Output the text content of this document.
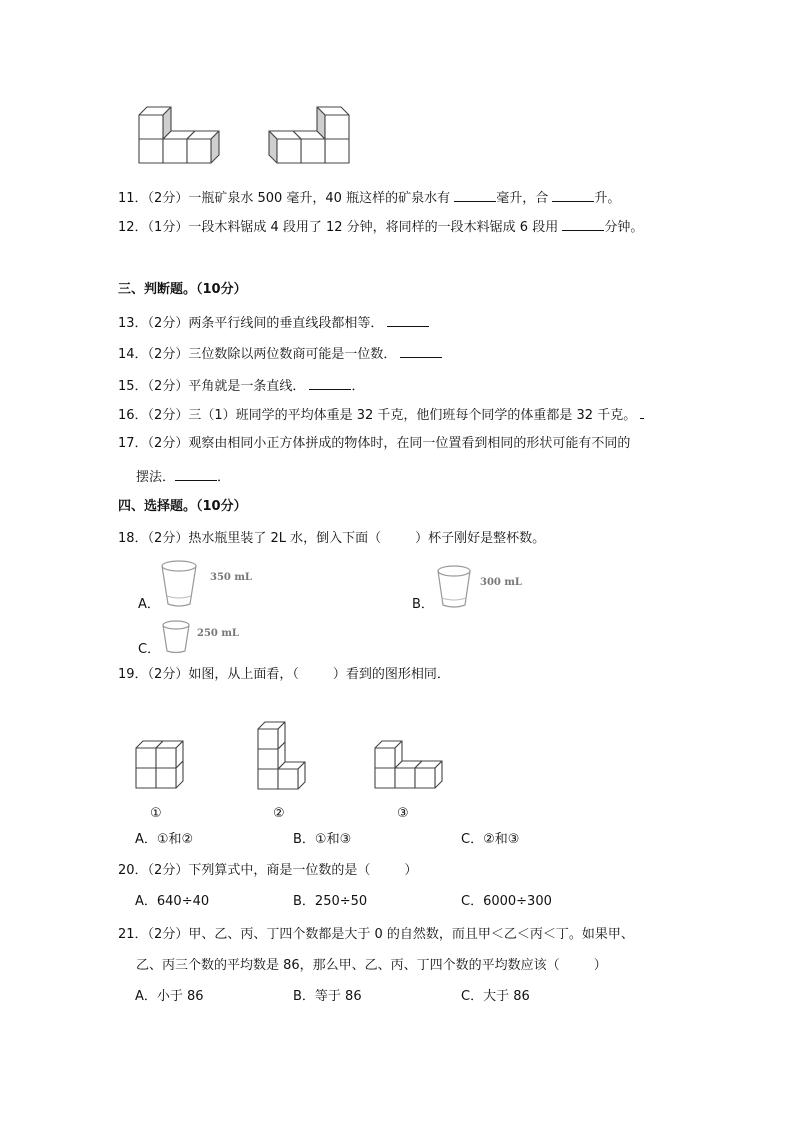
11．（2分）一瓶矿泉水 500 毫升，40 瓶这样的矿泉水有	毫升，合	升。
12．（1分）一段木料锯成 4 段用了 12 分钟，将同样的一段木料锯成 6 段用	分钟。
三、判断题。（10分）
13．（2分）两条平行线间的垂直线段都相等．
14．（2分）三位数除以两位数商可能是一位数．
15．（2分）平角就是一条直线．	．
16．（2分）三（1）班同学的平均体重是 32 千克，他们班每个同学的体重都是 32 千克。
17．（2分）观察由相同小正方体拼成的物体时，在同一位置看到相同的形状可能有不同的
摆法．	．
四、选择题。（10分）
18．（2分）热水瓶里装了 2L 水，倒入下面（	）杯子刚好是整杯数。
A．
350 mL
B．
300 mL
C．
250 mL
19．（2分）如图，从上面看，（	）看到的图形相同．
①	②	③
A．①和②	B．①和③	C．②和③
20．（2分）下列算式中，商是一位数的是（	）
A．640÷40	B．250÷50	C．6000÷300
21．（2分）甲、乙、丙、丁四个数都是大于 0 的自然数，而且甲＜乙＜丙＜丁。如果甲、
乙、丙三个数的平均数是 86，那么甲、乙、丙、丁四个数的平均数应该（	）
A．小于 86	B．等于 86	C．大于 86
